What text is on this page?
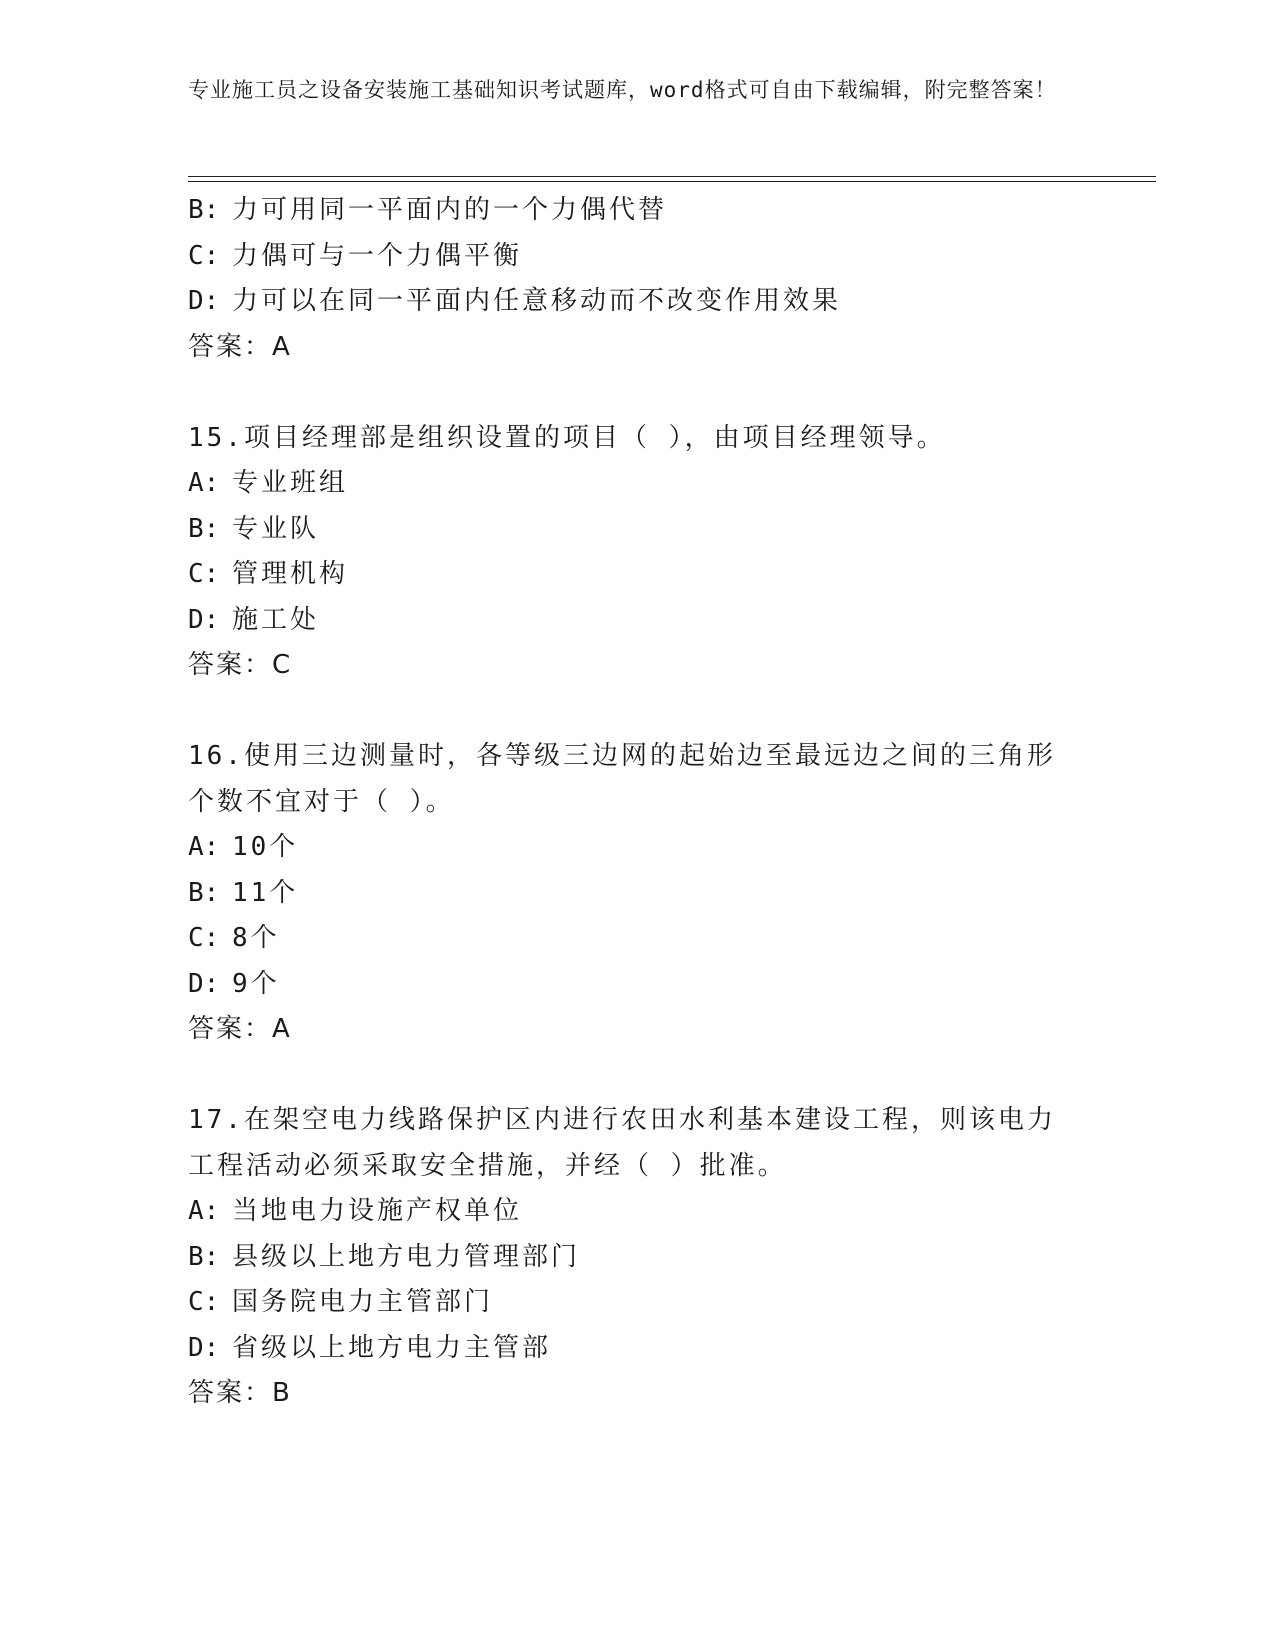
专业施工员之设备安装施工基础知识考试题库，word格式可自由下载编辑，附完整答案！
B: 力可用同一平面内的一个力偶代替
C: 力偶可与一个力偶平衡
D: 力可以在同一平面内任意移动而不改变作用效果
答案：A
15.项目经理部是组织设置的项目（ ），由项目经理领导。
A: 专业班组
B: 专业队
C: 管理机构
D: 施工处
答案：C
16.使用三边测量时，各等级三边网的起始边至最远边之间的三角形个数不宜对于（ ）。
A: 10个
B: 11个
C: 8个
D: 9个
答案：A
17.在架空电力线路保护区内进行农田水利基本建设工程，则该电力工程活动必须采取安全措施，并经（ ）批准。
A: 当地电力设施产权单位
B: 县级以上地方电力管理部门
C: 国务院电力主管部门
D: 省级以上地方电力主管部
答案：B
